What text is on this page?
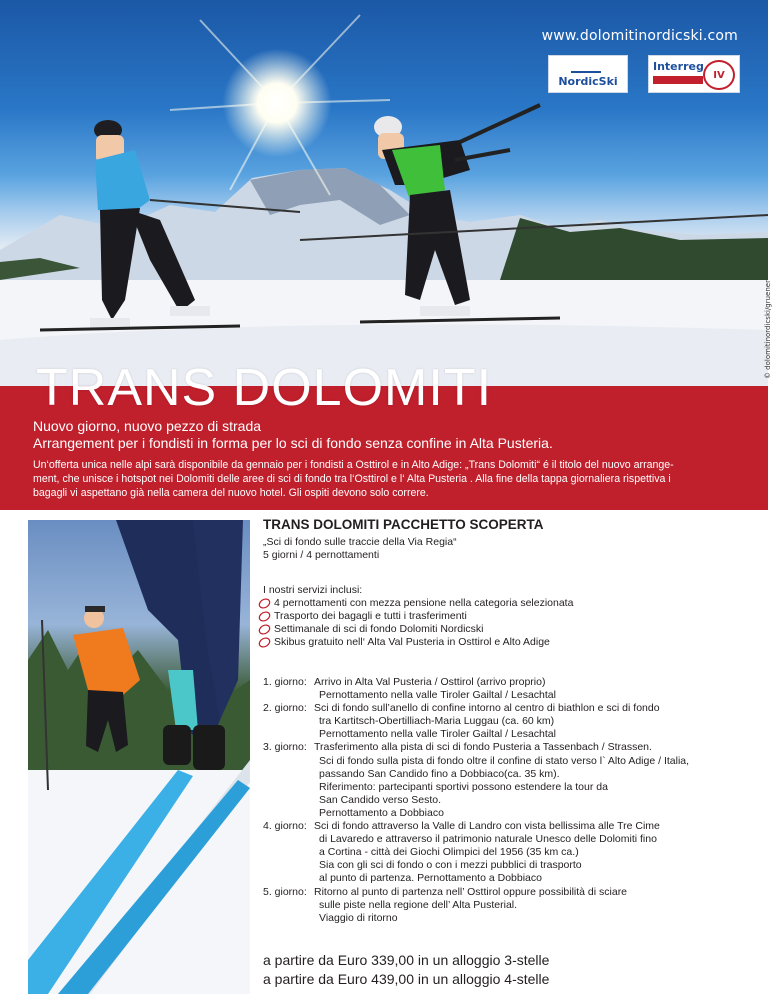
www.dolomitinordicski.com
NordicSki
Interreg
IV
© dolomitinordicski/gruener
TRANS DOLOMITI
Nuovo giorno, nuovo pezzo di strada
Arrangement per i fondisti in forma per lo sci di fondo senza confine in Alta Pusteria.
Un‘offerta unica nelle alpi sarà disponibile da gennaio per i fondisti a Osttirol e in Alto Adige: „Trans Dolomiti“ é il titolo del nuovo arrange-
ment, che unisce i hotspot nei Dolomiti delle aree di sci di fondo tra l‘Osttirol e l‘ Alta Pusteria . Alla fine della tappa giornaliera rispettiva i
bagagli vi aspettano già nella camera del nuovo hotel. Gli ospiti devono solo correre.
TRANS DOLOMITI PACCHETTO SCOPERTA
„Sci di fondo sulle traccie della Via Regia“
5 giorni / 4 pernottamenti
I nostri servizi inclusi:
4 pernottamenti con mezza pensione nella categoria selezionata
Trasporto dei bagagli e tutti i trasferimenti
Settimanale di sci di fondo Dolomiti Nordicski
Skibus gratuito nell‘ Alta Val Pusteria in Osttirol e Alto Adige
1. giorno: Arrivo in Alta Val Pusteria / Osttirol (arrivo proprio)
Pernottamento nella valle Tiroler Gailtal / Lesachtal
2. giorno: Sci di fondo sull’anello di confine intorno al centro di biathlon e sci di fondo
tra Kartitsch-Obertilliach-Maria Luggau (ca. 60 km)
Pernottamento nella valle Tiroler Gailtal / Lesachtal
3. giorno: Trasferimento alla pista di sci di fondo Pusteria a Tassenbach / Strassen.
Sci di fondo sulla pista di fondo oltre il confine di stato verso l` Alto Adige / Italia,
passando San Candido fino a Dobbiaco(ca. 35 km).
Riferimento: partecipanti sportivi possono estendere la tour da
San Candido verso Sesto.
Pernottamento a Dobbiaco
4. giorno: Sci di fondo attraverso la Valle di Landro con vista bellissima alle Tre Cime
di Lavaredo e attraverso il patrimonio naturale Unesco delle Dolomiti fino
a Cortina - città dei Giochi Olimpici del 1956 (35 km ca.)
Sia con gli sci di fondo o con i mezzi pubblici di trasporto
al punto di partenza. Pernottamento a Dobbiaco
5. giorno: Ritorno al punto di partenza nell’ Osttirol oppure possibilità di sciare
sulle piste nella regione dell’ Alta Pusterial.
Viaggio di ritorno
a partire da Euro 339,00 in un alloggio 3-stelle
a partire da Euro 439,00 in un alloggio 4-stelle
